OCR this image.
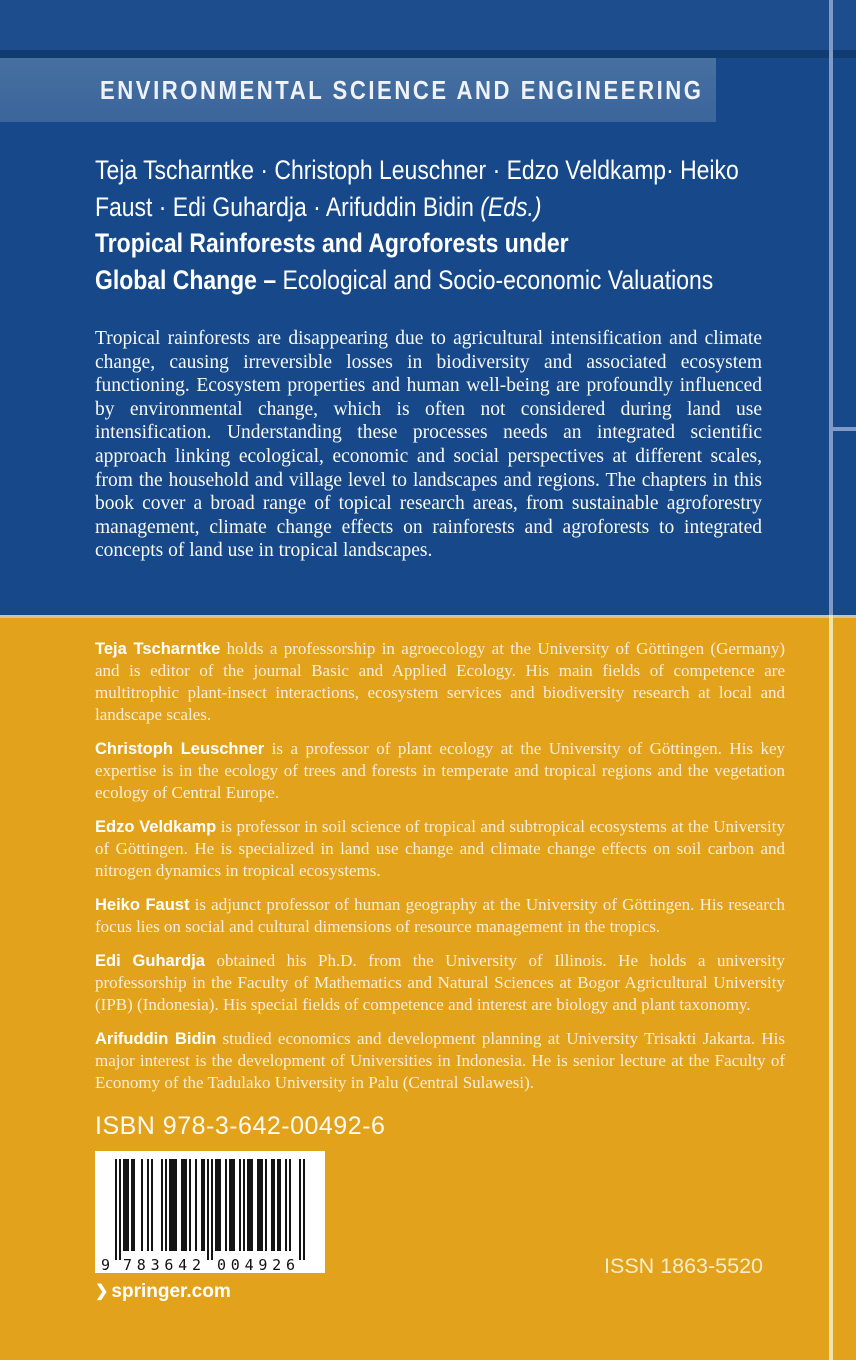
ENVIRONMENTAL SCIENCE AND ENGINEERING
Teja Tscharntke · Christoph Leuschner · Edzo Veldkamp· Heiko
Faust · Edi Guhardja · Arifuddin Bidin (Eds.)
Tropical Rainforests and Agroforests under
Global Change – Ecological and Socio-economic Valuations

Tropical rainforests are disappearing due to agricultural intensification and climate change, causing irreversible losses in biodiversity and associated ecosystem functioning. Ecosystem properties and human well-being are profoundly influenced by environmental change, which is often not considered during land use intensification. Understanding these processes needs an integrated scientific approach linking ecological, economic and social perspectives at different scales, from the household and village level to landscapes and regions. The chapters in this book cover a broad range of topical research areas, from sustainable agroforestry management, climate change effects on rainforests and agroforests to integrated concepts of land use in tropical landscapes.

Teja Tscharntke holds a professorship in agroecology at the University of Göttingen (Germany) and is editor of the journal Basic and Applied Ecology. His main fields of competence are multitrophic plant-insect interactions, ecosystem services and biodiversity research at local and landscape scales.

Christoph Leuschner is a professor of plant ecology at the University of Göttingen. His key expertise is in the ecology of trees and forests in temperate and tropical regions and the vegetation ecology of Central Europe.

Edzo Veldkamp is professor in soil science of tropical and subtropical ecosystems at the University of Göttingen. He is specialized in land use change and climate change effects on soil carbon and nitrogen dynamics in tropical ecosystems.

Heiko Faust is adjunct professor of human geography at the University of Göttingen. His research focus lies on social and cultural dimensions of resource management in the tropics.

Edi Guhardja obtained his Ph.D. from the University of Illinois. He holds a university professorship in the Faculty of Mathematics and Natural Sciences at Bogor Agricultural University (IPB) (Indonesia). His special fields of competence and interest are biology and plant taxonomy.

Arifuddin Bidin studied economics and development planning at University Trisakti Jakarta. His major interest is the development of Universities in Indonesia. He is senior lecture at the Faculty of Economy of the Tadulako University in Palu (Central Sulawesi).

ISBN 978-3-642-00492-6
9 783642 004926	ISSN 1863-5520
❯ springer.com
